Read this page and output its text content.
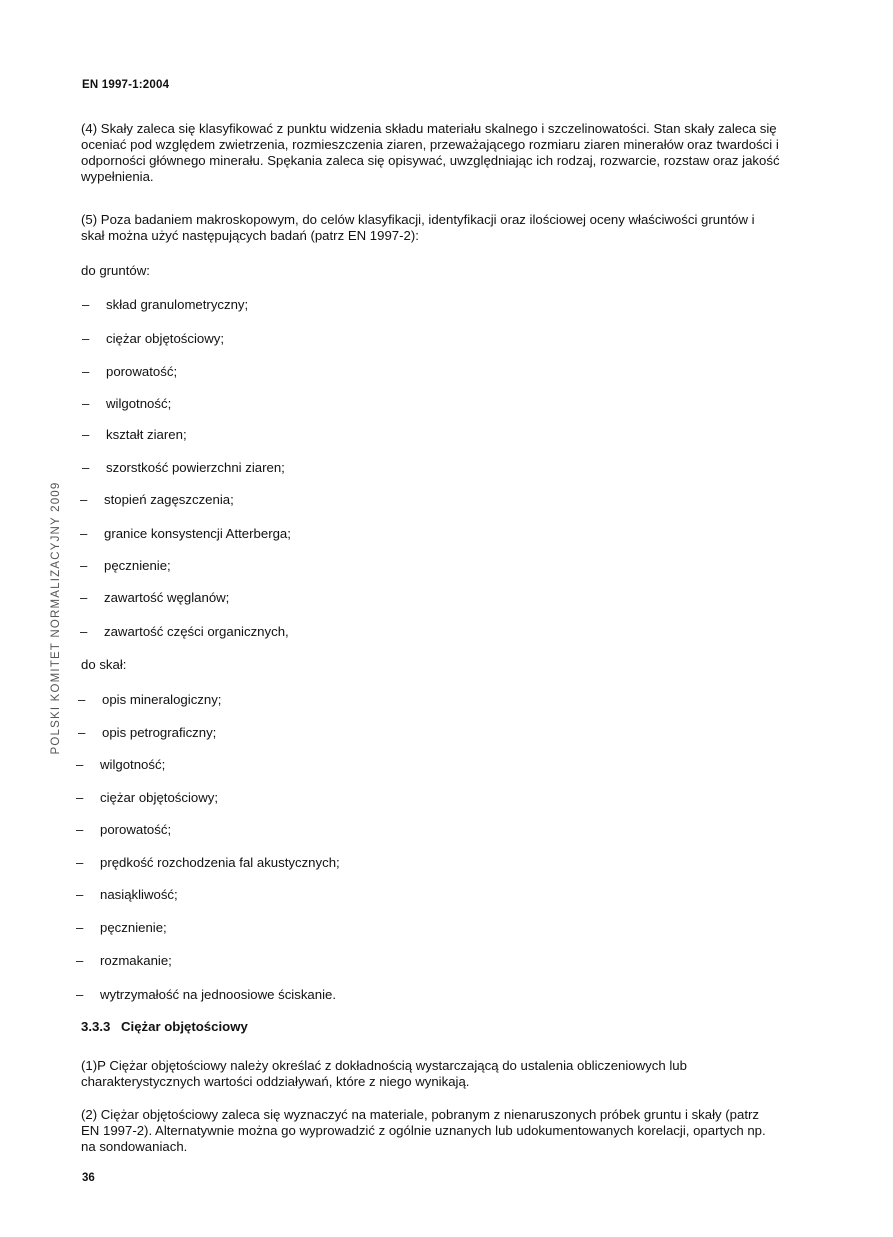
EN 1997-1:2004
POLSKI KOMITET NORMALIZACYJNY 2009

(4) Skały zaleca się klasyfikować z punktu widzenia składu materiału skalnego i szczelinowatości. Stan skały zaleca się oceniać pod względem zwietrzenia, rozmieszczenia ziaren, przeważającego rozmiaru ziaren minerałów oraz twardości i odporności głównego minerału. Spękania zaleca się opisywać, uwzględniając ich rodzaj, rozwarcie, rozstaw oraz jakość wypełnienia.

(5) Poza badaniem makroskopowym, do celów klasyfikacji, identyfikacji oraz ilościowej oceny właściwości gruntów i skał można użyć następujących badań (patrz EN 1997-2):

do gruntów:
– skład granulometryczny;
– ciężar objętościowy;
– porowatość;
– wilgotność;
– kształt ziaren;
– szorstkość powierzchni ziaren;
– stopień zagęszczenia;
– granice konsystencji Atterberga;
– pęcznienie;
– zawartość węglanów;
– zawartość części organicznych,
do skał:
– opis mineralogiczny;
– opis petrograficzny;
– wilgotność;
– ciężar objętościowy;
– porowatość;
– prędkość rozchodzenia fal akustycznych;
– nasiąkliwość;
– pęcznienie;
– rozmakanie;
– wytrzymałość na jednoosiowe ściskanie.
3.3.3 Ciężar objętościowy

(1)P Ciężar objętościowy należy określać z dokładnością wystarczającą do ustalenia obliczeniowych lub charakterystycznych wartości oddziaływań, które z niego wynikają.

(2) Ciężar objętościowy zaleca się wyznaczyć na materiale, pobranym z nienaruszonych próbek gruntu i skały (patrz EN 1997-2). Alternatywnie można go wyprowadzić z ogólnie uznanych lub udokumentowanych korelacji, opartych np. na sondowaniach.

36
